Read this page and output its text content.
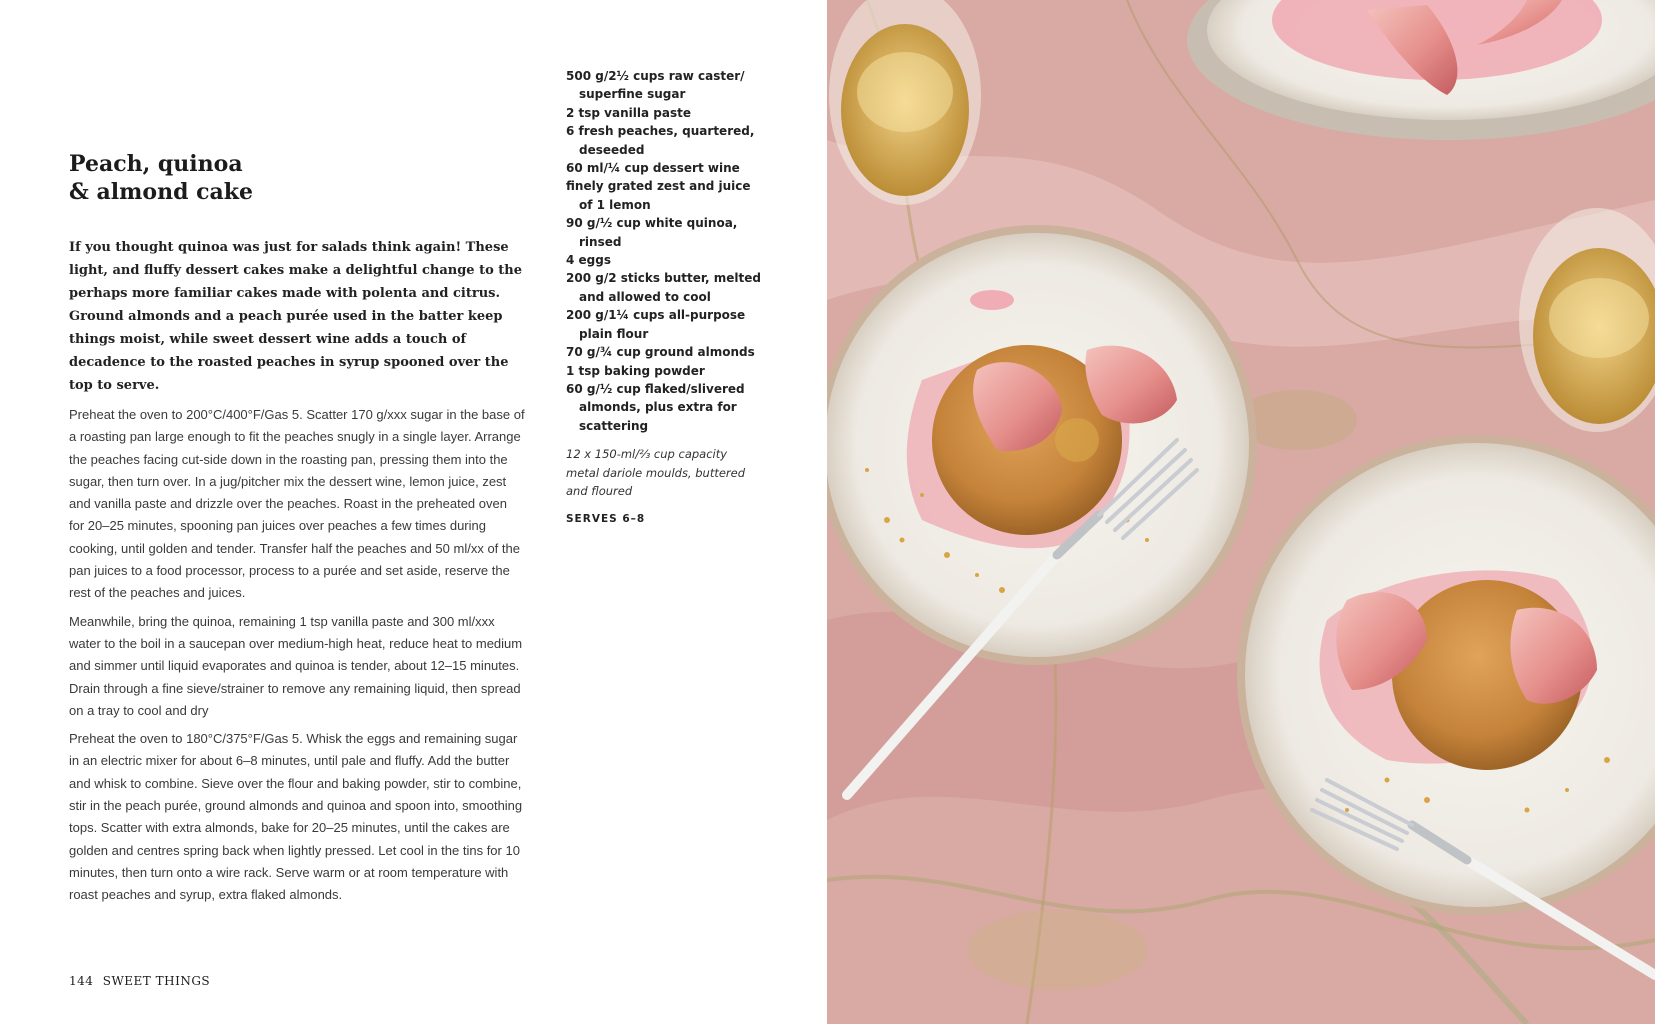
Peach, quinoa
& almond cake

If you thought quinoa was just for salads think again! These light, and fluffy dessert cakes make a delightful change to the perhaps more familiar cakes made with polenta and citrus. Ground almonds and a peach purée used in the batter keep things moist, while sweet dessert wine adds a touch of decadence to the roasted peaches in syrup spooned over the top to serve.

Preheat the oven to 200°C/400°F/Gas 5. Scatter 170 g/xxx sugar in the base of a roasting pan large enough to fit the peaches snugly in a single layer. Arrange the peaches facing cut-side down in the roasting pan, pressing them into the sugar, then turn over. In a jug/pitcher mix the dessert wine, lemon juice, zest and vanilla paste and drizzle over the peaches. Roast in the preheated oven for 20–25 minutes, spooning pan juices over peaches a few times during cooking, until golden and tender. Transfer half the peaches and 50 ml/xx of the pan juices to a food processor, process to a purée and set aside, reserve the rest of the peaches and juices.

Meanwhile, bring the quinoa, remaining 1 tsp vanilla paste and 300 ml/xxx water to the boil in a saucepan over medium-high heat, reduce heat to medium and simmer until liquid evaporates and quinoa is tender, about 12–15 minutes. Drain through a fine sieve/strainer to remove any remaining liquid, then spread on a tray to cool and dry

Preheat the oven to 180°C/375°F/Gas 5. Whisk the eggs and remaining sugar in an electric mixer for about 6–8 minutes, until pale and fluffy. Add the butter and whisk to combine. Sieve over the flour and baking powder, stir to combine, stir in the peach purée, ground almonds and quinoa and spoon into, smoothing tops. Scatter with extra almonds, bake for 20–25 minutes, until the cakes are golden and centres spring back when lightly pressed. Let cool in the tins for 10 minutes, then turn onto a wire rack. Serve warm or at room temperature with roast peaches and syrup, extra flaked almonds.

500 g/2½ cups raw caster/ superfine sugar
2 tsp vanilla paste
6 fresh peaches, quartered, deseeded
60 ml/¼ cup dessert wine
finely grated zest and juice of 1 lemon
90 g/½ cup white quinoa, rinsed
4 eggs
200 g/2 sticks butter, melted and allowed to cool
200 g/1¼ cups all-purpose plain flour
70 g/¾ cup ground almonds
1 tsp baking powder
60 g/½ cup flaked/slivered almonds, plus extra for scattering
12 x 150-ml/⅔ cup capacity metal dariole moulds, buttered and floured
SERVES 6–8
144 SWEET THINGS
